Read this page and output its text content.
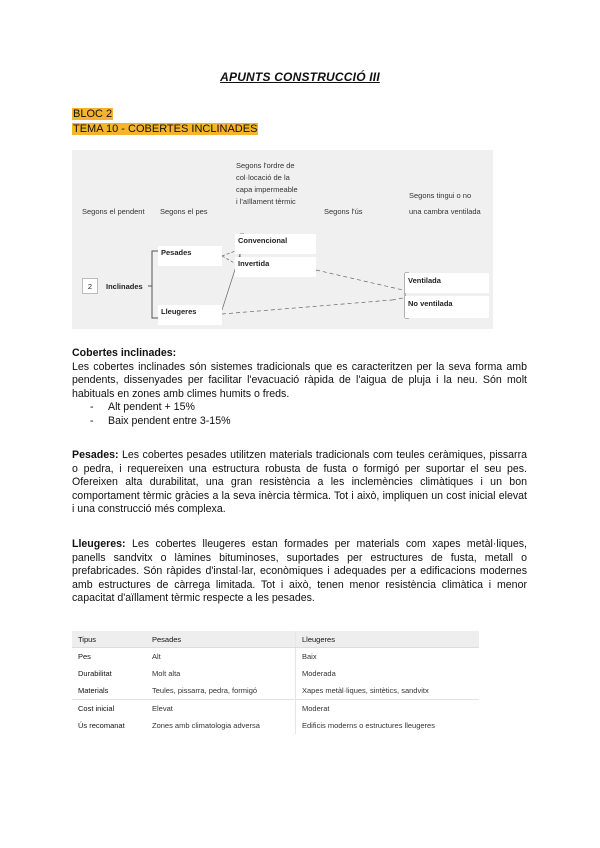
APUNTS CONSTRUCCIÓ III
BLOC 2
TEMA 10 - COBERTES INCLINADES
Segons el pendent Segons el pes
Segons l'ordre de
col·locació de la
capa impermeable
i l'aïllament tèrmic
Segons l'ús
Segons tingui o no
una cambra ventilada
2	Inclinades
Pesades
Lleugeres
Convencional
Invertida
Ventilada
No ventilada
Cobertes inclinades:
Les cobertes inclinades són sistemes tradicionals que es caracteritzen per la seva forma amb pendents, dissenyades per facilitar l'evacuació ràpida de l'aigua de pluja i la neu. Són molt habituals en zones amb climes humits o freds.
- Alt pendent + 15%
- Baix pendent entre 3-15%
Pesades: Les cobertes pesades utilitzen materials tradicionals com teules ceràmiques, pissarra o pedra, i requereixen una estructura robusta de fusta o formigó per suportar el seu pes. Ofereixen alta durabilitat, una gran resistència a les inclemències climàtiques i un bon comportament tèrmic gràcies a la seva inèrcia tèrmica. Tot i això, impliquen un cost inicial elevat i una construcció més complexa.
Lleugeres: Les cobertes lleugeres estan formades per materials com xapes metàl·liques, panells sandvitx o làmines bituminoses, suportades per estructures de fusta, metall o prefabricades. Són ràpides d'instal·lar, econòmiques i adequades per a edificacions modernes amb estructures de càrrega limitada. Tot i això, tenen menor resistència climàtica i menor capacitat d'aïllament tèrmic respecte a les pesades.
Tipus	Pesades	Lleugeres
Pes	Alt	Baix
Durabilitat	Molt alta	Moderada
Materials	Teules, pissarra, pedra, formigó	Xapes metàl·liques, sintètics, sandvitx
Cost inicial	Elevat	Moderat
Ús recomanat	Zones amb climatologia adversa	Edificis moderns o estructures lleugeres
